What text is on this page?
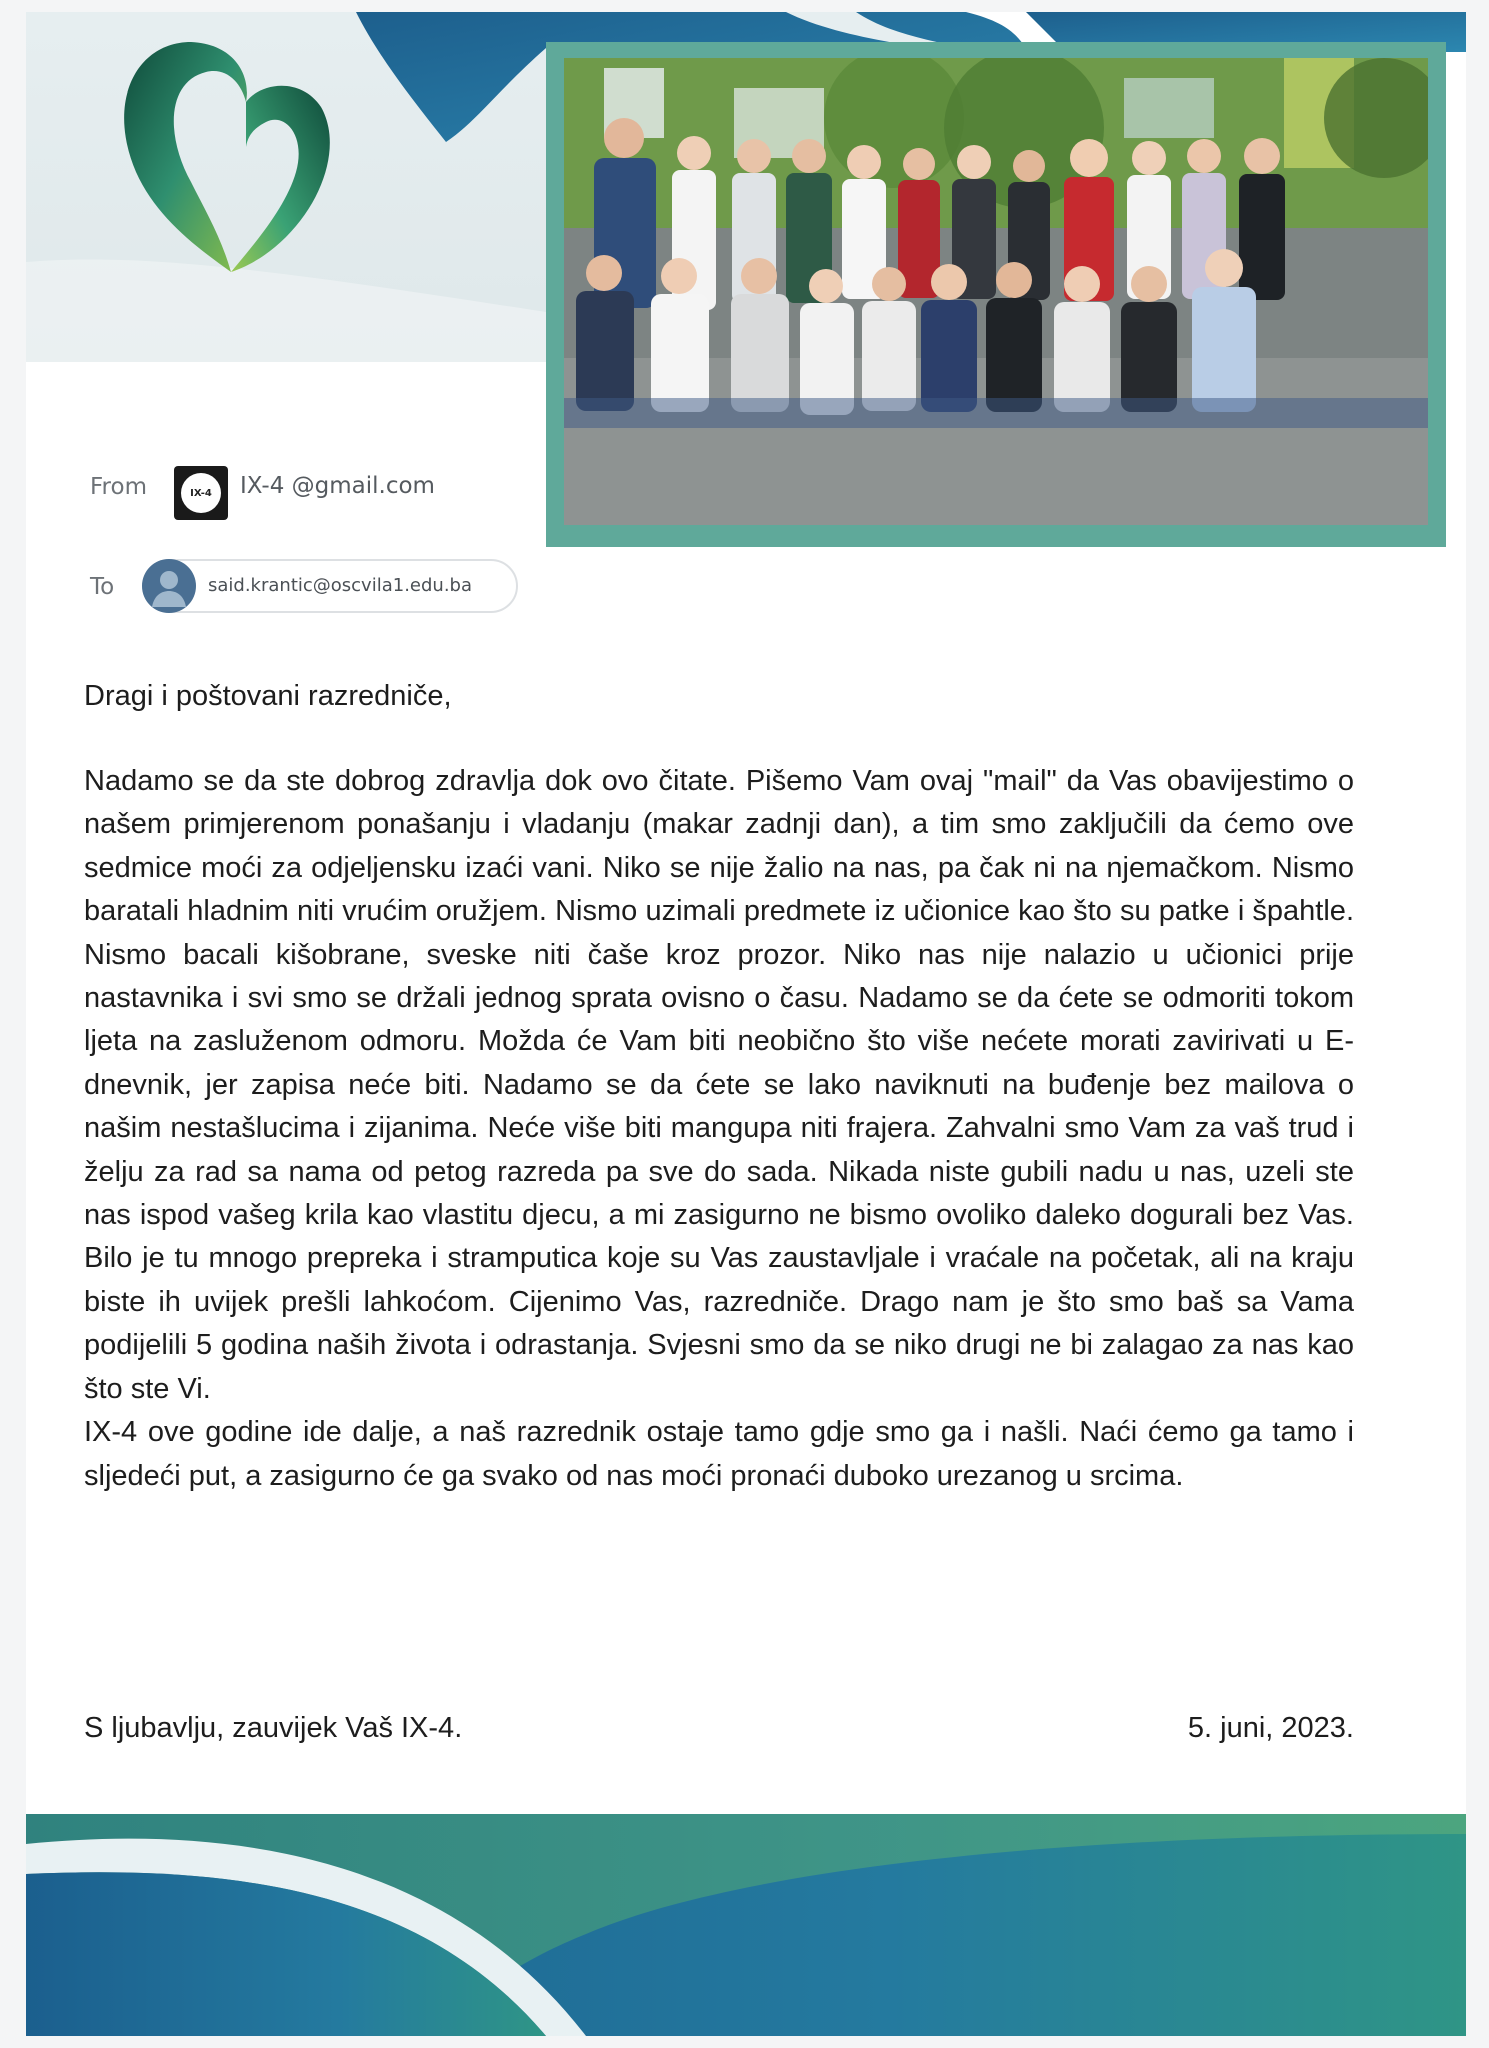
From	IX-4	IX-4 @gmail.com
To	said.krantic@oscvila1.edu.ba
Dragi i poštovani razredniče,
Nadamo se da ste dobrog zdravlja dok ovo čitate. Pišemo Vam ovaj "mail" da Vas obavijestimo o našem primjerenom ponašanju i vladanju (makar zadnji dan), a tim smo zaključili da ćemo ove sedmice moći za odjeljensku izaći vani. Niko se nije žalio na nas, pa čak ni na njemačkom. Nismo baratali hladnim niti vrućim oružjem. Nismo uzimali predmete iz učionice kao što su patke i špahtle. Nismo bacali kišobrane, sveske niti čaše kroz prozor. Niko nas nije nalazio u učionici prije nastavnika i svi smo se držali jednog sprata ovisno o času. Nadamo se da ćete se odmoriti tokom ljeta na zasluženom odmoru. Možda će Vam biti neobično što više nećete morati zavirivati u E-dnevnik, jer zapisa neće biti. Nadamo se da ćete se lako naviknuti na buđenje bez mailova o našim nestašlucima i zijanima. Neće više biti mangupa niti frajera. Zahvalni smo Vam za vaš trud i želju za rad sa nama od petog razreda pa sve do sada. Nikada niste gubili nadu u nas, uzeli ste nas ispod vašeg krila kao vlastitu djecu, a mi zasigurno ne bismo ovoliko daleko dogurali bez Vas. Bilo je tu mnogo prepreka i stramputica koje su Vas zaustavljale i vraćale na početak, ali na kraju biste ih uvijek prešli lahkoćom. Cijenimo Vas, razredniče. Drago nam je što smo baš sa Vama podijelili 5 godina naših života i odrastanja. Svjesni smo da se niko drugi ne bi zalagao za nas kao što ste Vi.
IX-4 ove godine ide dalje, a naš razrednik ostaje tamo gdje smo ga i našli. Naći ćemo ga tamo i sljedeći put, a zasigurno će ga svako od nas moći pronaći duboko urezanog u srcima.
S ljubavlju, zauvijek Vaš IX-4.	5. juni, 2023.
